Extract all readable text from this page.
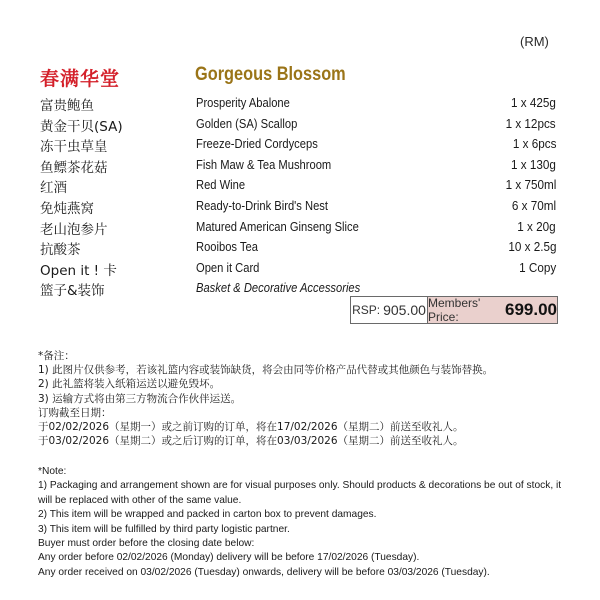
(RM)
春满华堂	Gorgeous Blossom
富贵鲍鱼	Prosperity Abalone	1 x 425g
黄金干贝(SA)	Golden (SA) Scallop	1 x 12pcs
冻干虫草皇	Freeze-Dried Cordyceps	1 x 6pcs
鱼鳔茶花菇	Fish Maw & Tea Mushroom	1 x 130g
红酒	Red Wine	1 x 750ml
免炖燕窝	Ready-to-Drink Bird's Nest	6 x 70ml
老山泡参片	Matured American Ginseng Slice	1 x 20g
抗酸茶	Rooibos Tea	10 x 2.5g
Open it ! 卡	Open it Card	1 Copy
篮子&装饰	Basket & Decorative Accessories
RSP: 905.00 Members' Price:	699.00
*备注：
1) 此图片仅供参考，若该礼篮内容或装饰缺货，将会由同等价格产品代替或其他颜色与装饰替换。
2) 此礼篮将装入纸箱运送以避免毁坏。
3) 运输方式将由第三方物流合作伙伴运送。
订购截至日期：
于02/02/2026（星期一）或之前订购的订单，将在17/02/2026（星期二）前送至收礼人。
于03/02/2026（星期二）或之后订购的订单，将在03/03/2026（星期二）前送至收礼人。
*Note:
1) Packaging and arrangement shown are for visual purposes only. Should products & decorations be out of stock, it will be replaced with other of the same value.
2) This item will be wrapped and packed in carton box to prevent damages.
3) This item will be fulfilled by third party logistic partner.
Buyer must order before the closing date below:
Any order before 02/02/2026 (Monday) delivery will be before 17/02/2026 (Tuesday).
Any order received on 03/02/2026 (Tuesday) onwards, delivery will be before 03/03/2026 (Tuesday).
